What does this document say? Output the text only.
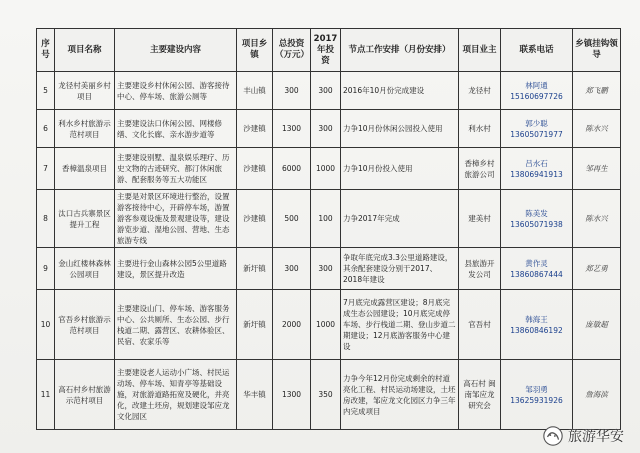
序号	项目名称	主要建设内容	项目乡镇	总投资（万元）	2017年投资	节点工作安排（月份安排）	项目业主	联系电话	乡镇挂钩领导
5	龙径村美丽乡村项目	主要建设乡村休闲公园、游客接待中心、停车场、旅游公厕等	丰山镇	300	300	2016年10月份完成建设	龙径村	林阿通 15160697726	郑飞鹏
6	利水乡村旅游示范村项目	主要建设法口休闲公园、网楼修缮、文化长廊、亲水游步道等	沙建镇	1300	300	力争10月份休闲公园投入使用	利水村	郭少聪 13605071977	陈水兴
7	香樟温泉项目	主要建设别墅、温泉娱乐理疗、历史文物的古迹研究、都汀休闲旅游、配套服务等五大功能区	沙建镇	6000	1000	力争10月份投入使用	香樟乡村旅游公司	吕水石 13806941913	邹再生
8	汰口古兵寨景区提升工程	主要是对景区环境进行整治，设置游客接待中心，开辟停车场，游置游客参观设施及景观建设等，建设游览步道、湿地公园、营地、生态旅游专线	沙建镇	500	100	力争2017年完成	建美村	陈美发 13605071938	陈水兴
9	金山红楼林森林公园项目	主要进行金山森林公园5公里道路建设，景区提升改造	新圩镇	300	300	争取年底完成3.3公里道路建设，其余配套建设分别于2017、2018年建设	县旅游开发公司	黄作灵 13860867444	郑艺勇
10	官吾乡村旅游示范村项目	主要建设山门、停车场、游客服务中心、公共厕所、生态公园、步行栈道二期、露营区、农耕体验区、民宿、农家乐等	新圩镇	2000	1000	7月底完成露营区建设；8月底完成生态公园建设；10月底完成停车场、步行栈道二期、登山步道二期建设；12月底游客服务中心建设	官吾村	韩海王 13860846192	庞敏超
11	高石村乡村旅游示范村项目	主要建设老人运动小广场、村民运动场、停车场、知青亭等基础设施，对旅游道路拓宽及硬化，并亮化，改建土坯房，规划建设邹应龙文化园区	华丰镇	1300	350	力争今年12月份完成剩余的村道亮化工程、村民运动场建设，土坯房改建，邹应龙文化园区力争三年内完成项目	高石村 闽南邹应龙研究会	邹羽勇 13625931926	詹海滨
旅游华安
